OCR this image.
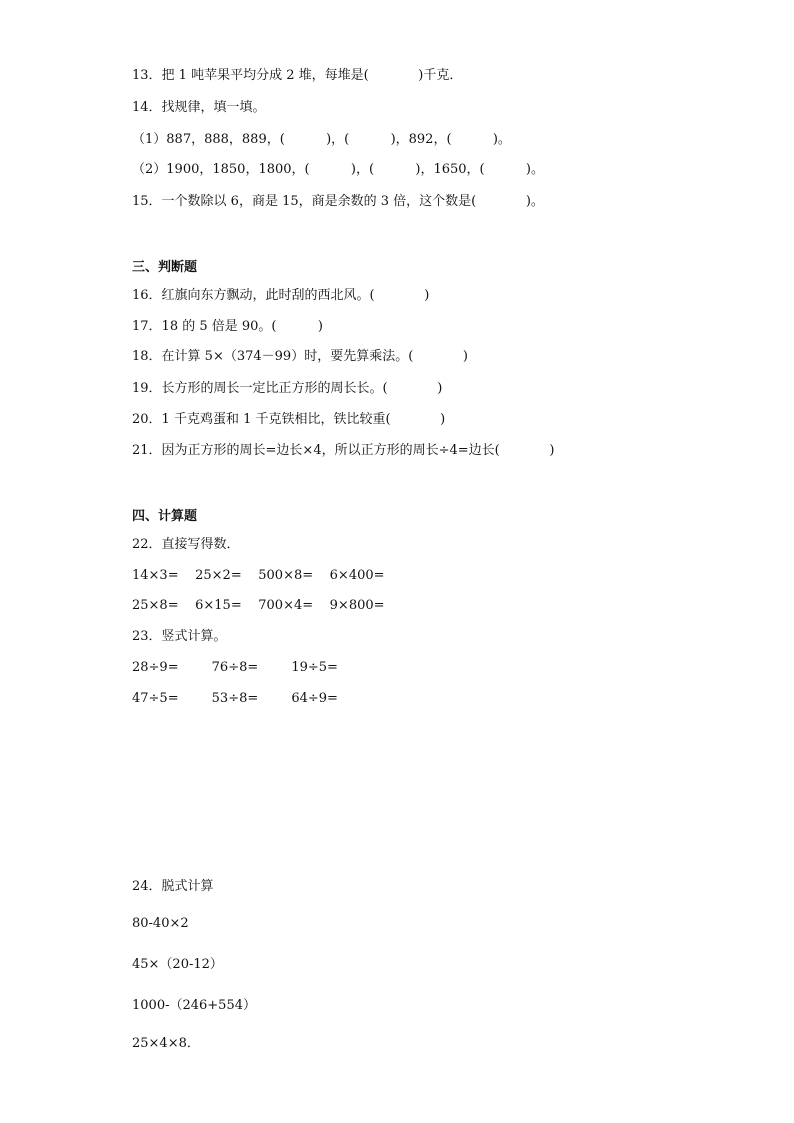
13．把 1 吨苹果平均分成 2 堆，每堆是(            )千克．
14．找规律，填一填。
（1）887，888，889，(          )，(          )，892，(          )。
（2）1900，1850，1800，(          )，(          )，1650，(          )。
15．一个数除以 6，商是 15，商是余数的 3 倍，这个数是(            )。
三、判断题
16．红旗向东方飘动，此时刮的西北风。(            )
17．18 的 5 倍是 90。(          )
18．在计算 5×（374－99）时，要先算乘法。(            )
19．长方形的周长一定比正方形的周长长。(            )
20．1 千克鸡蛋和 1 千克铁相比，铁比较重(            )
21．因为正方形的周长=边长×4，所以正方形的周长÷4=边长(            )
四、计算题
22．直接写得数．
14×3=    25×2=    500×8=    6×400=
25×8=    6×15=    700×4=    9×800=
23．竖式计算。
28÷9=        76÷8=        19÷5=
47÷5=        53÷8=        64÷9=
24．脱式计算
80-40×2
45×（20-12）
1000-（246+554）
25×4×8．
